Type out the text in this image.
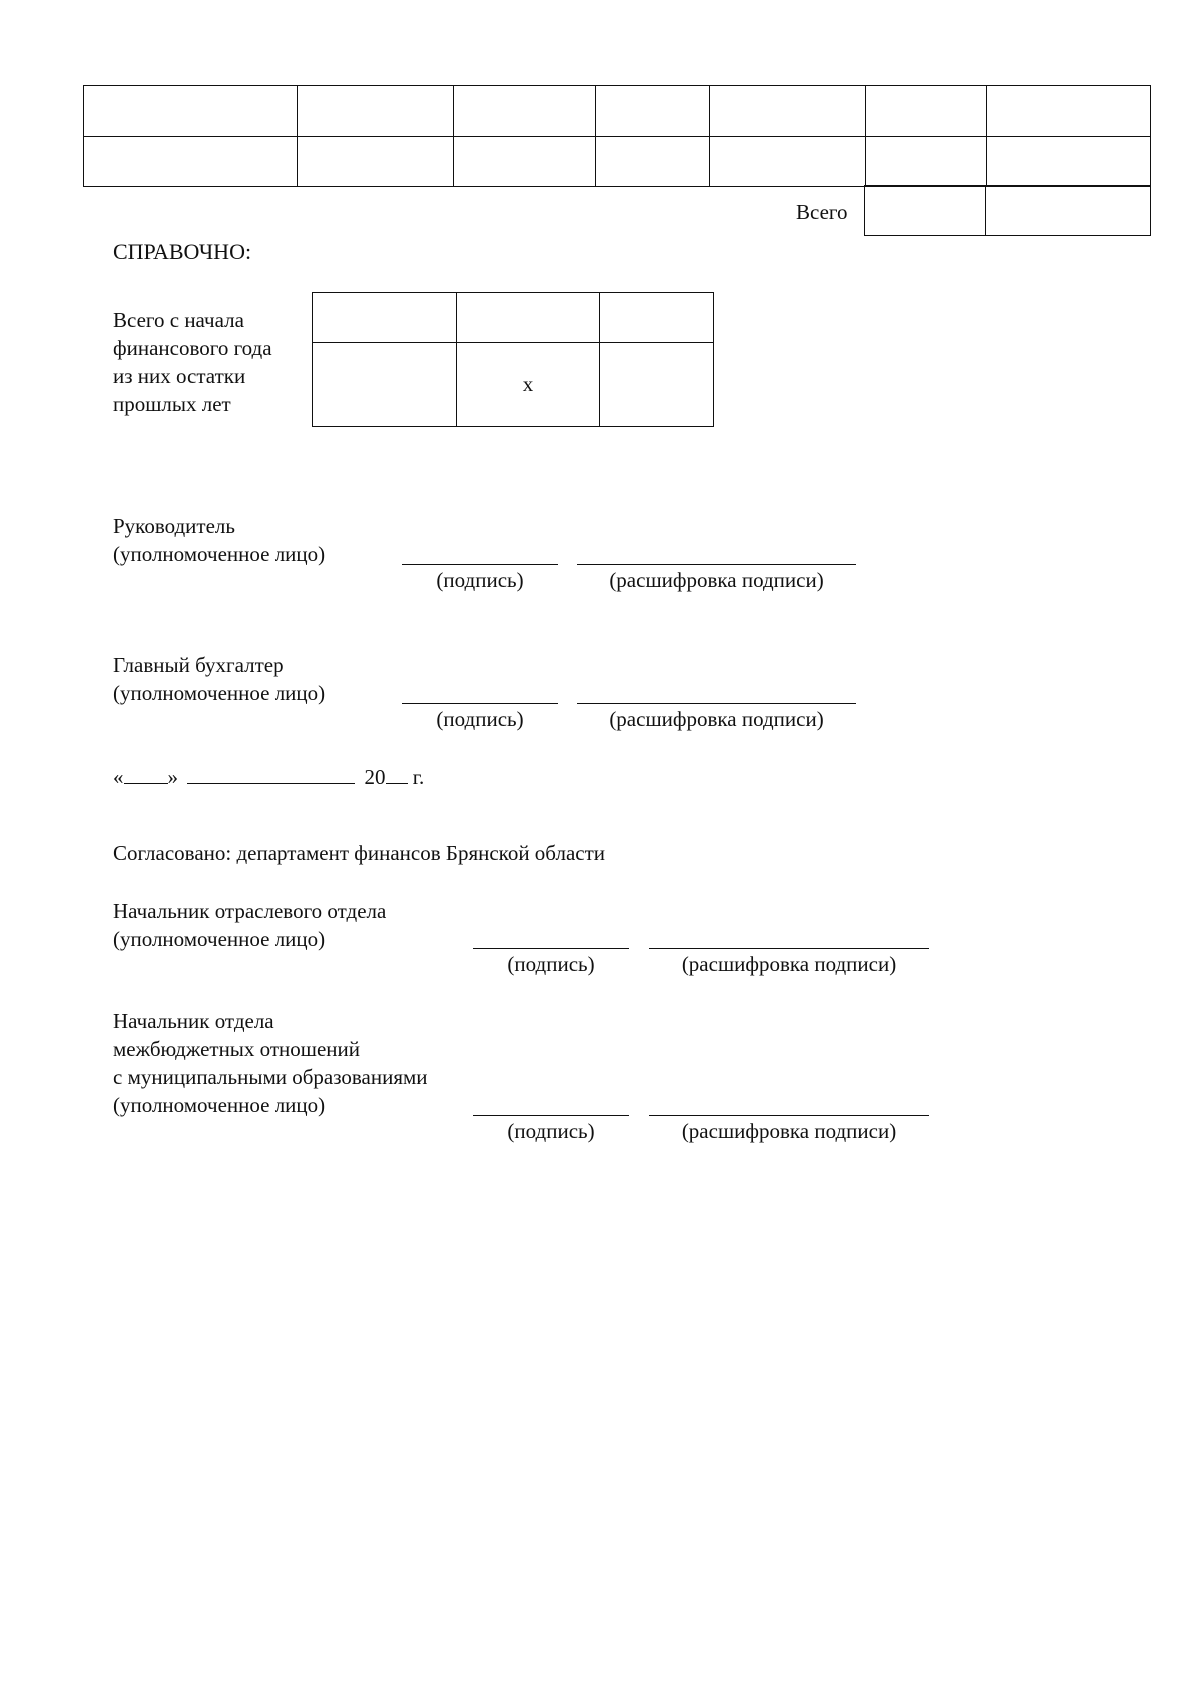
Всего

СПРАВОЧНО:
Всего с начала
финансового года
из них остатки
прошлых лет

	x	
Руководитель
(уполномоченное лицо)
(подпись)	(расшифровка подписи)
Главный бухгалтер
(уполномоченное лицо)
(подпись)	(расшифровка подписи)
« »	20 г.
Согласовано: департамент финансов Брянской области
Начальник отраслевого отдела
(уполномоченное лицо)
(подпись)	(расшифровка подписи)
Начальник отдела
межбюджетных отношений
с муниципальными образованиями
(уполномоченное лицо)
(подпись)	(расшифровка подписи)
